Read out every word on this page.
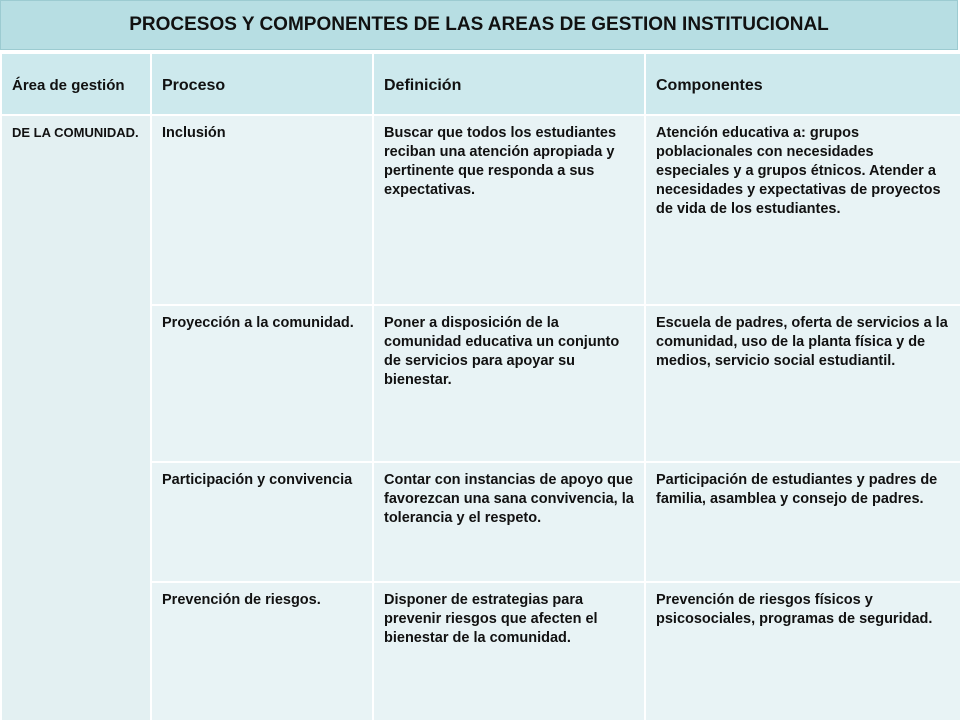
PROCESOS Y COMPONENTES DE LAS AREAS DE GESTION INSTITUCIONAL
Área de gestión	Proceso	Definición	Componentes
DE LA COMUNIDAD.	Inclusión	Buscar que todos los estudiantes reciban una atención apropiada y pertinente que responda a sus expectativas.	Atención educativa a: grupos poblacionales con necesidades especiales y a grupos étnicos. Atender a necesidades y expectativas de proyectos de vida de los estudiantes.
	Proyección a la comunidad.	Poner a disposición de la comunidad educativa un conjunto de servicios para apoyar su bienestar.	Escuela de padres, oferta de servicios a la comunidad, uso de la planta física y de medios, servicio social estudiantil.
	Participación y convivencia	Contar con instancias de apoyo que favorezcan una sana convivencia, la tolerancia y el respeto.	Participación de estudiantes y padres de familia, asamblea y consejo de padres.
	Prevención de riesgos.	Disponer de estrategias para prevenir riesgos que afecten el bienestar de la comunidad.	Prevención de riesgos físicos y psicosociales, programas de seguridad.
